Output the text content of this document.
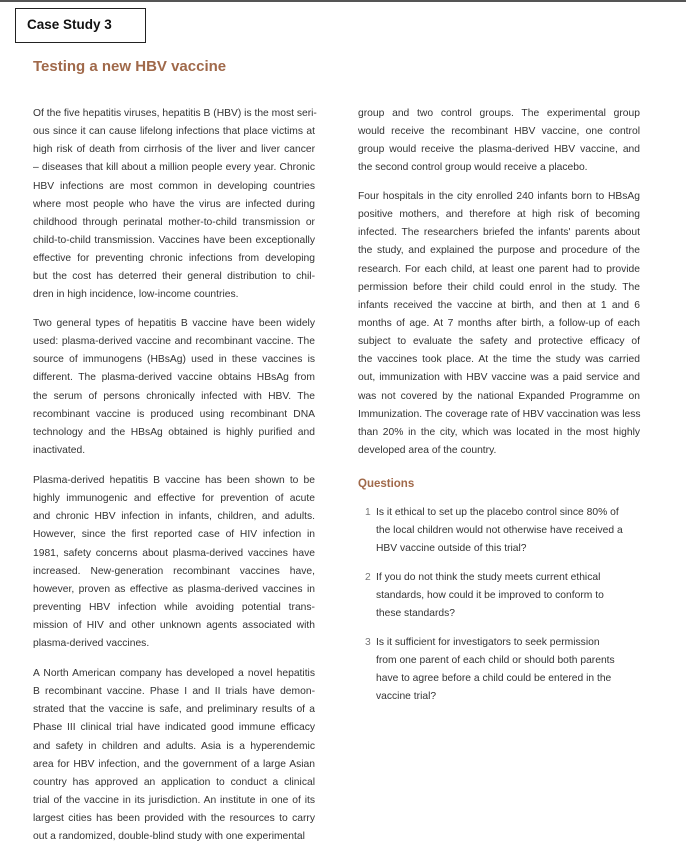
Case Study 3
Testing a new HBV vaccine
Of the five hepatitis viruses, hepatitis B (HBV) is the most seri-
ous since it can cause lifelong infections that place victims at
high risk of death from cirrhosis of the liver and liver cancer
– diseases that kill about a million people every year. Chronic
HBV infections are most common in developing countries
where most people who have the virus are infected during
childhood through perinatal mother-to-child transmission or
child-to-child transmission. Vaccines have been exceptionally
effective for preventing chronic infections from developing
but the cost has deterred their general distribution to chil-
dren in high incidence, low-income countries.
Two general types of hepatitis B vaccine have been widely
used: plasma-derived vaccine and recombinant vaccine. The
source of immunogens (HBsAg) used in these vaccines is
different. The plasma-derived vaccine obtains HBsAg from
the serum of persons chronically infected with HBV. The
recombinant vaccine is produced using recombinant DNA
technology and the HBsAg obtained is highly purified and
inactivated.
Plasma-derived hepatitis B vaccine has been shown to be
highly immunogenic and effective for prevention of acute
and chronic HBV infection in infants, children, and adults.
However, since the first reported case of HIV infection in
1981, safety concerns about plasma-derived vaccines have
increased. New-generation recombinant vaccines have,
however, proven as effective as plasma-derived vaccines in
preventing HBV infection while avoiding potential trans-
mission of HIV and other unknown agents associated with
plasma-derived vaccines.
A North American company has developed a novel hepatitis
B recombinant vaccine. Phase I and II trials have demon-
strated that the vaccine is safe, and preliminary results of a
Phase III clinical trial have indicated good immune efficacy
and safety in children and adults. Asia is a hyperendemic
area for HBV infection, and the government of a large Asian
country has approved an application to conduct a clinical
trial of the vaccine in its jurisdiction. An institute in one of its
largest cities has been provided with the resources to carry
out a randomized, double-blind study with one experimental
group and two control groups. The experimental group
would receive the recombinant HBV vaccine, one control
group would receive the plasma-derived HBV vaccine, and
the second control group would receive a placebo.
Four hospitals in the city enrolled 240 infants born to HBsAg
positive mothers, and therefore at high risk of becoming
infected. The researchers briefed the infants' parents about
the study, and explained the purpose and procedure of the
research. For each child, at least one parent had to provide
permission before their child could enrol in the study. The
infants received the vaccine at birth, and then at 1 and 6
months of age. At 7 months after birth, a follow-up of each
subject to evaluate the safety and protective efficacy of
the vaccines took place. At the time the study was carried
out, immunization with HBV vaccine was a paid service and
was not covered by the national Expanded Programme on
Immunization. The coverage rate of HBV vaccination was less
than 20% in the city, which was located in the most highly
developed area of the country.
Questions
1 Is it ethical to set up the placebo control since 80% of
the local children would not otherwise have received a
HBV vaccine outside of this trial?
2 If you do not think the study meets current ethical
standards, how could it be improved to conform to
these standards?
3 Is it sufficient for investigators to seek permission
from one parent of each child or should both parents
have to agree before a child could be entered in the
vaccine trial?
